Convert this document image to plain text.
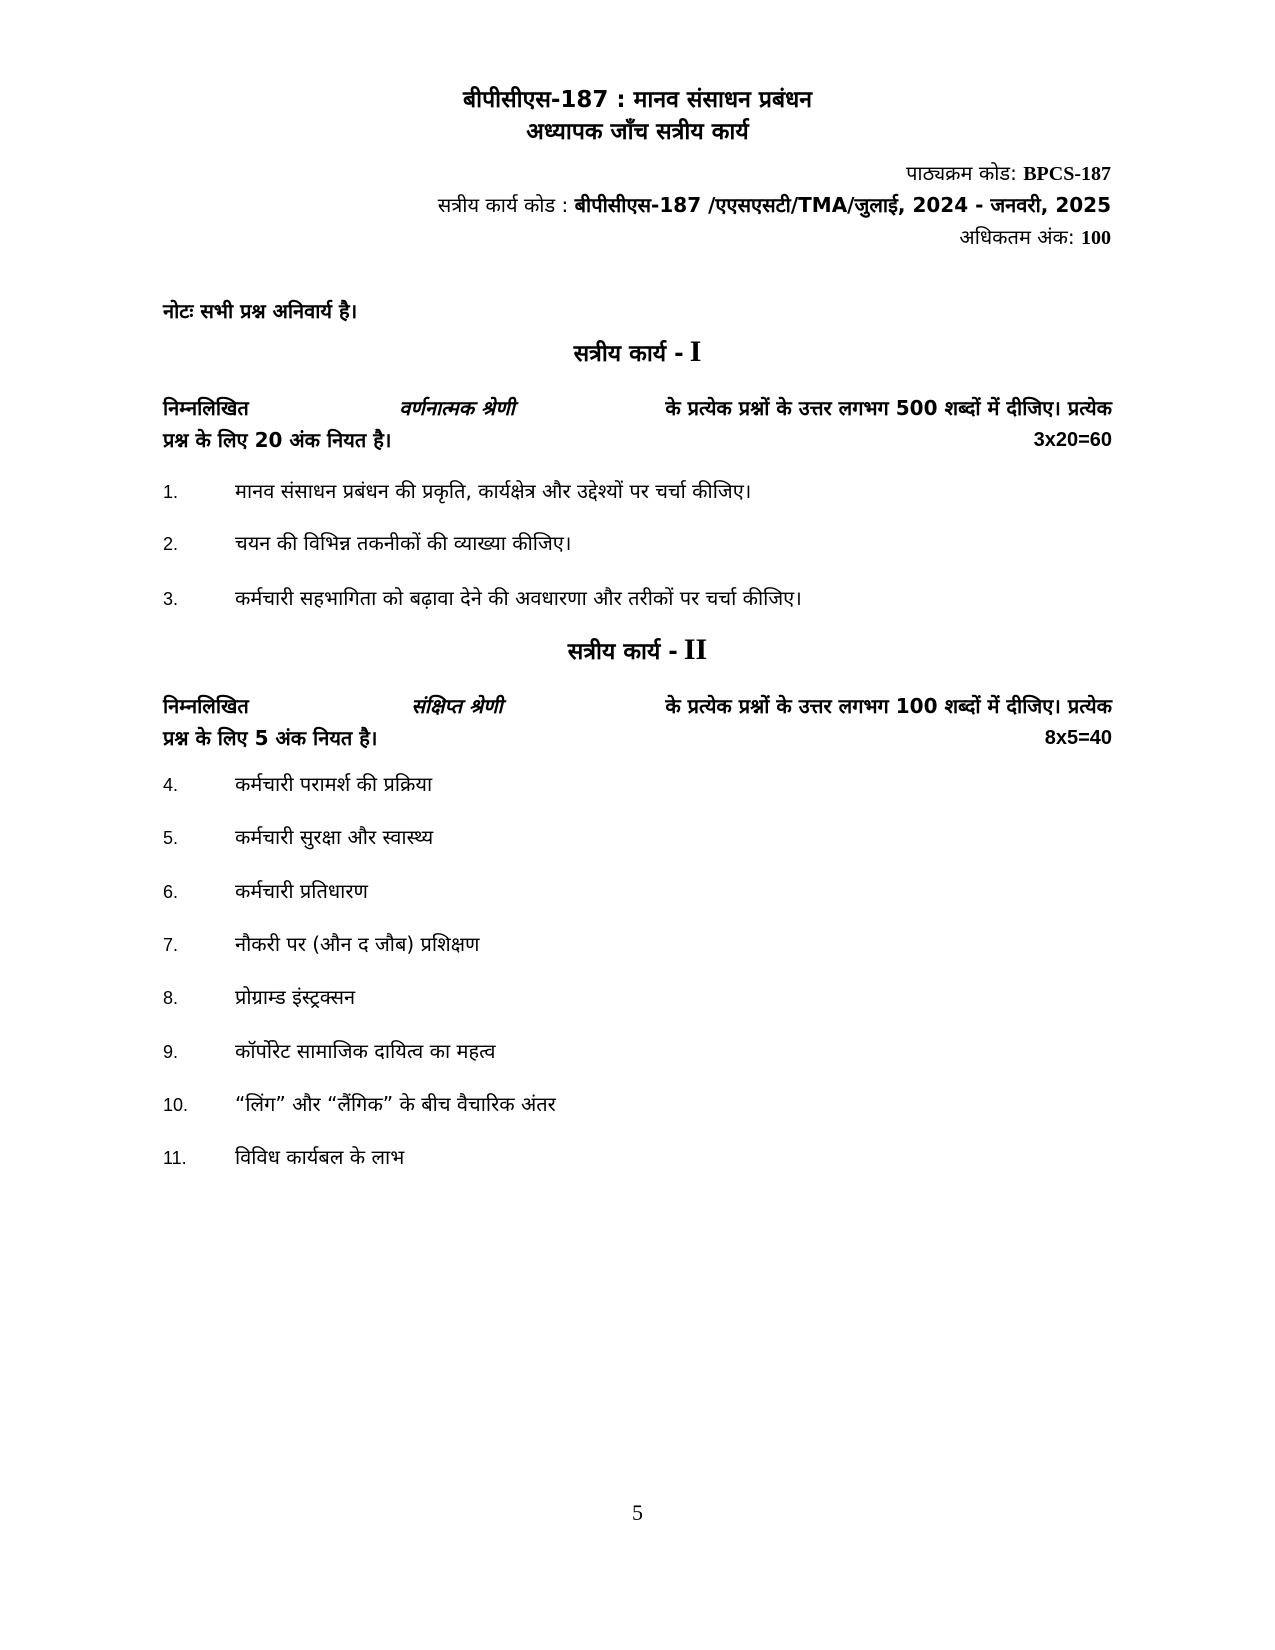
बीपीसीएस-187 : मानव संसाधन प्रबंधन
अध्यापक जाँच सत्रीय कार्य
पाठ्यक्रम कोड: BPCS-187
सत्रीय कार्य कोड : बीपीसीएस-187 /एएसएसटी/TMA/जुलाई, 2024 - जनवरी, 2025
अधिकतम अंक: 100
नोटः सभी प्रश्न अनिवार्य है।
सत्रीय कार्य - I
निम्नलिखित	वर्णनात्मक श्रेणी	के प्रत्येक प्रश्नों के उत्तर लगभग 500 शब्दों में दीजिए। प्रत्येक
प्रश्न के लिए 20 अंक नियत है।	3x20=60
1.	मानव संसाधन प्रबंधन की प्रकृति, कार्यक्षेत्र और उद्देश्यों पर चर्चा कीजिए।
2.	चयन की विभिन्न तकनीकों की व्याख्या कीजिए।
3.	कर्मचारी सहभागिता को बढ़ावा देने की अवधारणा और तरीकों पर चर्चा कीजिए।
सत्रीय कार्य - II
निम्नलिखित	संक्षिप्त श्रेणी	के प्रत्येक प्रश्नों के उत्तर लगभग 100 शब्दों में दीजिए। प्रत्येक
प्रश्न के लिए 5 अंक नियत है।	8x5=40
4.	कर्मचारी परामर्श की प्रक्रिया
5.	कर्मचारी सुरक्षा और स्वास्थ्य
6.	कर्मचारी प्रतिधारण
7.	नौकरी पर (औन द जौब) प्रशिक्षण
8.	प्रोग्राम्ड इंस्ट्रक्सन
9.	कॉर्पोरेट सामाजिक दायित्व का महत्व
10. “लिंग” और “लैंगिक” के बीच वैचारिक अंतर
11. विविध कार्यबल के लाभ
5
